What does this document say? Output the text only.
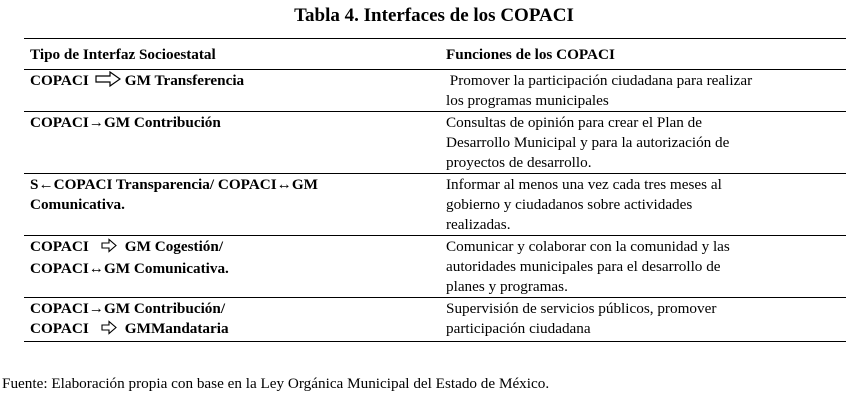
Tabla 4. Interfaces de los COPACI
Tipo de Interfaz Socioestatal	Funciones de los COPACI

COPACI GM Transferencia	Promover la participación ciudadana para realizar
los programas municipales

COPACI→GM Contribución	Consultas de opinión para crear el Plan de
Desarrollo Municipal y para la autorización de
proyectos de desarrollo.

S←COPACI Transparencia/ COPACI↔GM
Comunicativa.	Informar al menos una vez cada tres meses al
gobierno y ciudadanos sobre actividades
realizadas.

COPACI GM Cogestión/
COPACI↔GM Comunicativa.	Comunicar y colaborar con la comunidad y las
autoridades municipales para el desarrollo de
planes y programas.

COPACI→GM Contribución/
COPACI GMMandataria	Supervisión de servicios públicos, promover
participación ciudadana
Fuente: Elaboración propia con base en la Ley Orgánica Municipal del Estado de México.
